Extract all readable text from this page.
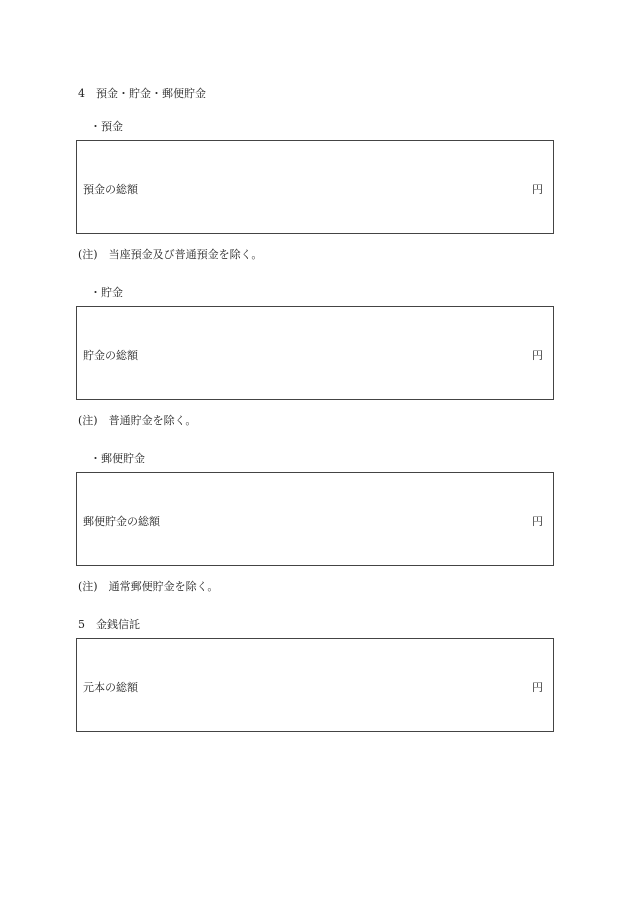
4　預金・貯金・郵便貯金
・預金
預金の総額	円
(注)　当座預金及び普通預金を除く。
・貯金
貯金の総額	円
(注)　普通貯金を除く。
・郵便貯金
郵便貯金の総額	円
(注)　通常郵便貯金を除く。
5　金銭信託
元本の総額	円
